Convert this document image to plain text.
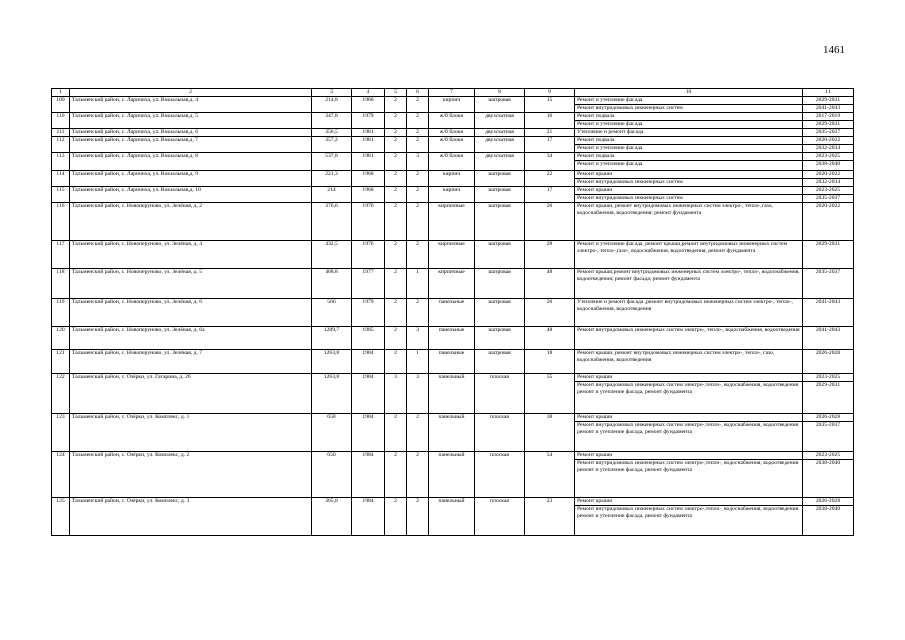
1461
1	2	3	4	5	6	7	8	9	10	11
109	Тальменский район, с. Ларичиха, ул. Вокзальная,д. 4	214,8	1960	2	2	кирпич	шатровая	15	Ремонт и утепление фасада	2029-2031
									Ремонт внутридомовых инженерных систем	2041-2043
110	Тальменский район, с. Ларичиха, ул. Вокзальная,д. 5	347,8	1979	2	2	ж/б блоки	двухскатная	16	Ремонт подвала	2017-2019
									Ремонт и утепление фасада	2029-2031
111	Тальменский район, с. Ларичиха, ул. Вокзальная,д. 6	356,5	1981	2	2	ж/б блоки	двухскатная	21	Утепление и ремонт фасада	2035-2037
112	Тальменский район, с. Ларичиха, ул. Вокзальная,д. 7	357,2	1981	2	2	ж/б блоки	двухскатная	17	Ремонт подвала	2020-2022
									Ремонт и утепление фасада	2032-2034
113	Тальменский район, с. Ларичиха, ул. Вокзальная,д. 8	537,8	1981	2	3	ж/б блоки	двухскатная	34	Ремонт подвала	2023-2025
									Ремонт и утепление фасада	2038-2040
114	Тальменский район, с. Ларичиха, ул. Вокзальная,д. 9	221,3	1960	2	2	кирпич	шатровая	22	Ремонт крыши	2020-2022
									Ремонт внутридомовых инженерных систем	2032-2034
115	Тальменский район, с. Ларичиха, ул. Вокзальная,д. 10	214	1960	2	2	кирпич	шатровая	17	Ремонт крыши	2023-2025
									Ремонт внутридомовых инженерных систем	2035-2037
116	Тальменский район, с. Новоперуново, ул. Зелёная, д. 2	376,6	1976	2	2	кирпичные	шатровая	20	Ремонт крыши, ремонт внутридомовых инженерных систем электро-, тепло-,газо, водоснабжения, водоотведения; ремонт фундамента	2020-2022
117	Тальменский район, с. Новоперуново, ул. Зелёная, д. 4	432,5	1976	2	2	кирпичные	шатровая	28	Ремонт и утепление фасада, ремонт крыши,ремонт внутридомовых инженерных систем электро-, тепло-,газо-, водоснабжения, водоотведения, ремонт фундамента	2029-2031
118	Тальменский район, с. Новоперуново, ул. Зелёная, д. 5	468,8	1977	2	1	кирпичные	шатровая	48	Ремонт крыши,ремонт внутридомовых инженерных систем электро-, тепло-, водоснабжения, водоотведения; ремонт фасада; ремонт фундамента	2035-2037
119	Тальменский район, с. Новоперуново, ул. Зелёная, д. 6	566	1979	2	2	панельные	шатровая	20	Утепление и ремонт фасада ,ремонт внутридомовых инженерных систем электро-, тепло-, водоснабжения, водоотведения	2041-2043
120	Тальменский район, с. Новоперуново, ул. Зелёная, д. 6а	1289,7	1985	2	3	панельные	шатровая	48	Ремонт внутридомовых инженерных систем электро-, тепло-, водоснабжения, водоотведения	2041-2043
121	Тальменский район, с. Новоперуново, ул. Зелёная, д. 7	1263,8	1984	2	1	панельные	шатровая	18	Ремонт крыши, ремонт внутридомовых инженерных систем электро-, тепло-, газо, водоснабжения, водоотведения	2026-2028
122	Тальменский район, с. Озёрки, ул. Гагарина, д. 26	1263,8	1984	3	3	панельный	плоская	55	Ремонт крыши	2023-2025
									Ремонт внутридомовых инженерных систем электро-,тепло-, водоснабжения, водоотведения ремонт и утепление фасада, ремонт фундамента	2029-2031
123	Тальменский район, с. Озёрки, ул. Комплекс, д. 1	658	1984	2	2	панельный	плоская	38	Ремонт крыши	2026-2028
									Ремонт внутридомовых инженерных систем электро-,тепло-, водоснабжения, водоотведения ремонт и утепление фасада, ремонт фундамента	2035-2037
124	Тальменский район, с. Озёрки, ул. Комплекс, д. 2	650	1984	2	2	панельный	плоская	54	Ремонт крыши	2023-2025
									Ремонт внутридомовых инженерных систем электро-,тепло-, водоснабжения, водоотведения ремонт и утепление фасада, ремонт фундамента	2038-2040
125	Тальменский район, с. Озёрки, ул. Комплекс, д. 3	365,8	1984	2	2	панельный	плоская	23	Ремонт крыши	2026-2028
									Ремонт внутридомовых инженерных систем электро-,тепло-, водоснабжения, водоотведения ремонт и утепление фасада, ремонт фундамента	2038-2040
